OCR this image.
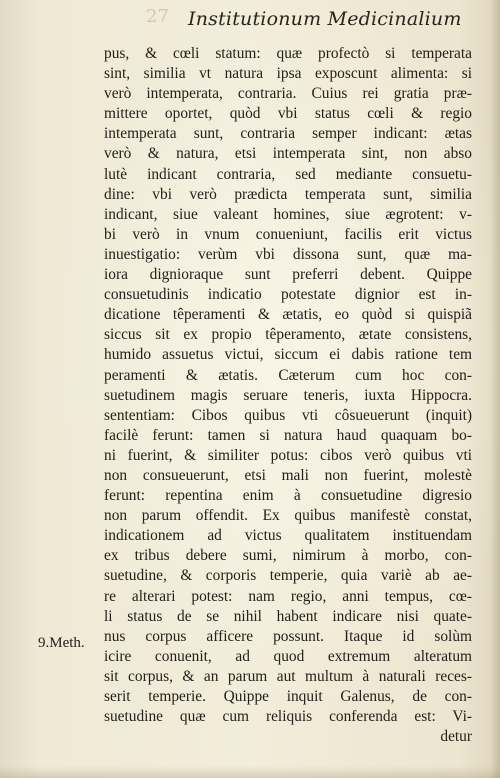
27 Institutionum Medicinalium
9.Meth.
pus, & cœli statum: quæ profectò si temperata
sint, similia vt natura ipsa exposcunt alimenta: si
verò intemperata, contraria. Cuius rei gratia præ-
mittere oportet, quòd vbi status cœli & regio
intemperata sunt, contraria semper indicant: ætas
verò & natura, etsi intemperata sint, non abso
lutè indicant contraria, sed mediante consuetu-
dine: vbi verò prædicta temperata sunt, similia
indicant, siue valeant homines, siue ægrotent: v-
bi verò in vnum conueniunt, facilis erit victus
inuestigatio: verùm vbi dissona sunt, quæ ma-
iora dignioraque sunt preferri debent. Quippe
consuetudinis indicatio potestate dignior est in-
dicatione têperamenti & ætatis, eo quòd si quispiã
siccus sit ex propio têperamento, ætate consistens,
humido assuetus victui, siccum ei dabis ratione tem
peramenti & ætatis. Cæterum cum hoc con-
suetudinem magis seruare teneris, iuxta Hippocra.
sententiam: Cibos quibus vti côsueuerunt (inquit)
facilè ferunt: tamen si natura haud quaquam bo-
ni fuerint, & similiter potus: cibos verò quibus vti
non consueuerunt, etsi mali non fuerint, molestè
ferunt: repentina enim à consuetudine digresio
non parum offendit. Ex quibus manifestè constat,
indicationem ad victus qualitatem instituendam
ex tribus debere sumi, nimirum à morbo, con-
suetudine, & corporis temperie, quia variè ab ae-
re alterari potest: nam regio, anni tempus, cœ-
li status de se nihil habent indicare nisi quate-
nus corpus afficere possunt. Itaque id solùm
icire conuenit, ad quod extremum alteratum
sit corpus, & an parum aut multum à naturali reces-
serit temperie. Quippe inquit Galenus, de con-
suetudine quæ cum reliquis conferenda est: Vi-
detur
